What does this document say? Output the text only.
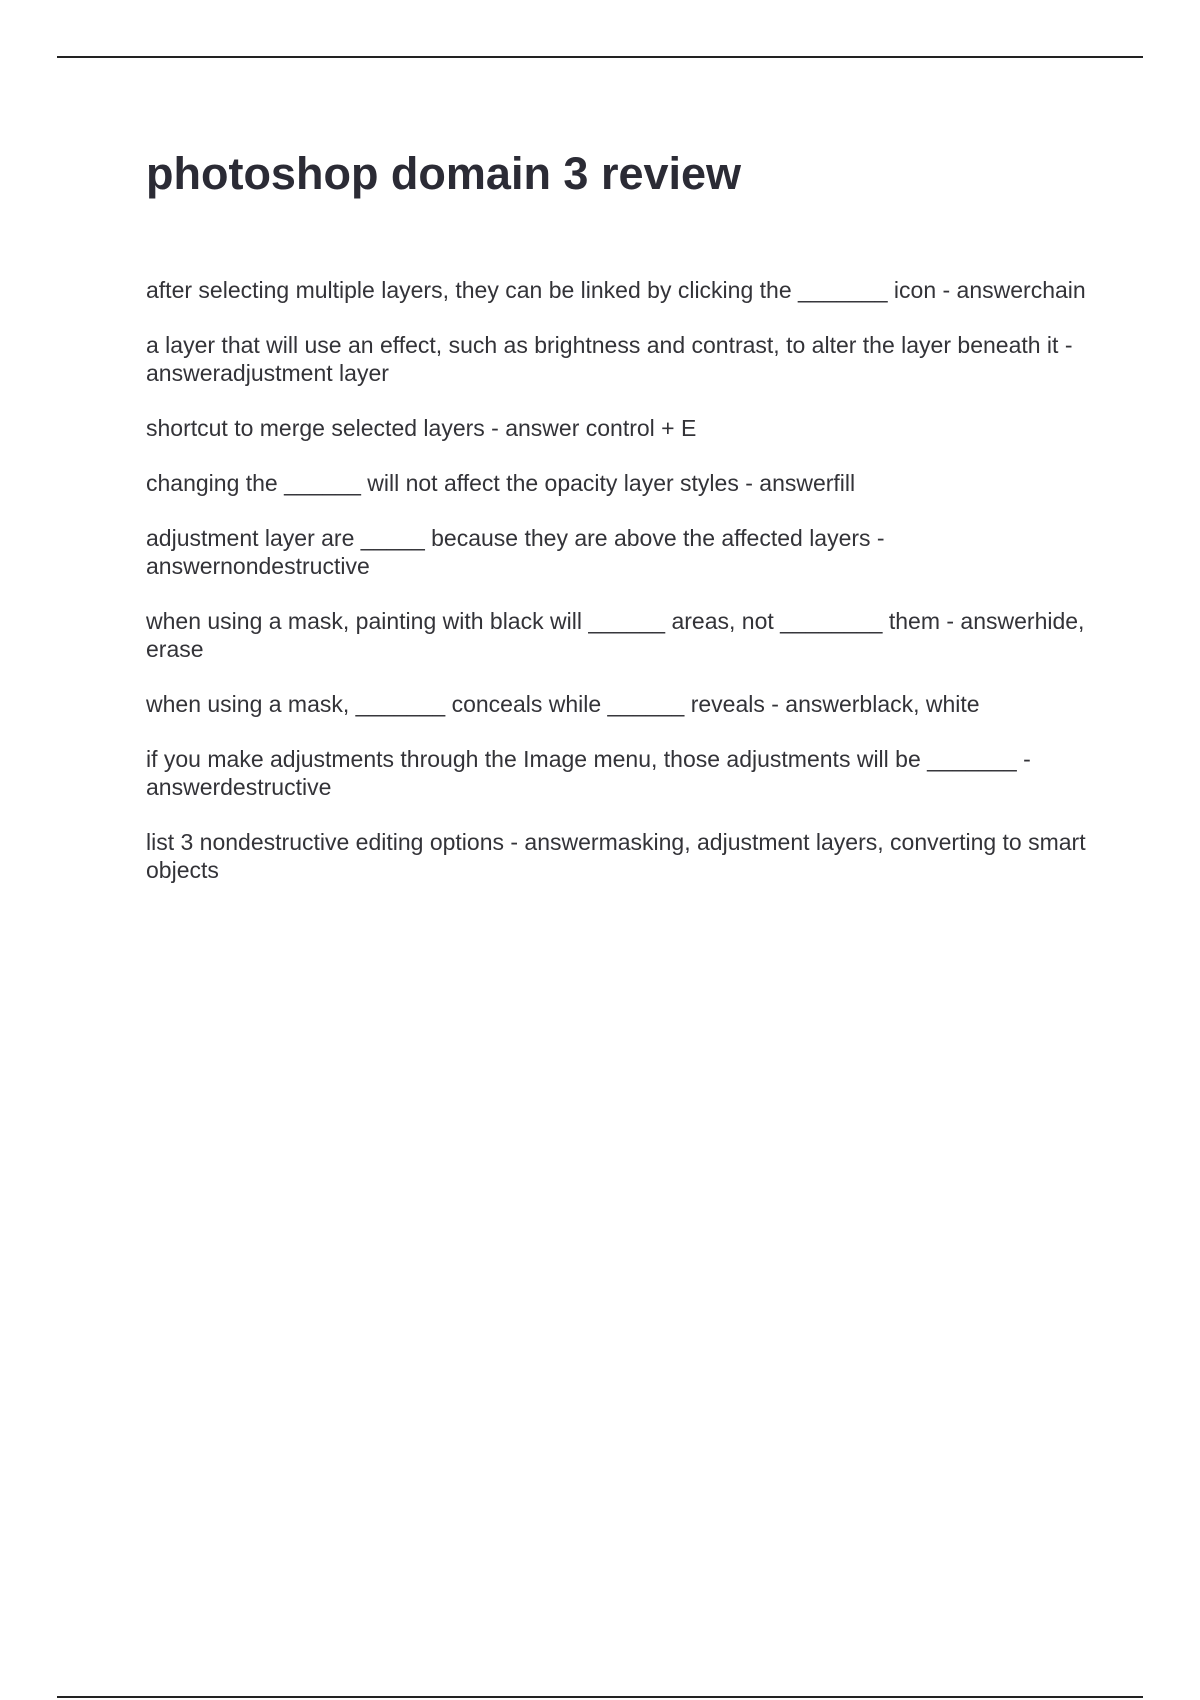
photoshop domain 3 review

after selecting multiple layers, they can be linked by clicking the _______ icon - answerchain

a layer that will use an effect, such as brightness and contrast, to alter the layer beneath it - answeradjustment layer

shortcut to merge selected layers - answer control + E

changing the ______ will not affect the opacity layer styles - answerfill

adjustment layer are _____ because they are above the affected layers - answernondestructive

when using a mask, painting with black will ______ areas, not ________ them - answerhide, erase

when using a mask, _______ conceals while ______ reveals - answerblack, white

if you make adjustments through the Image menu, those adjustments will be _______ - answerdestructive

list 3 nondestructive editing options - answermasking, adjustment layers, converting to smart objects
